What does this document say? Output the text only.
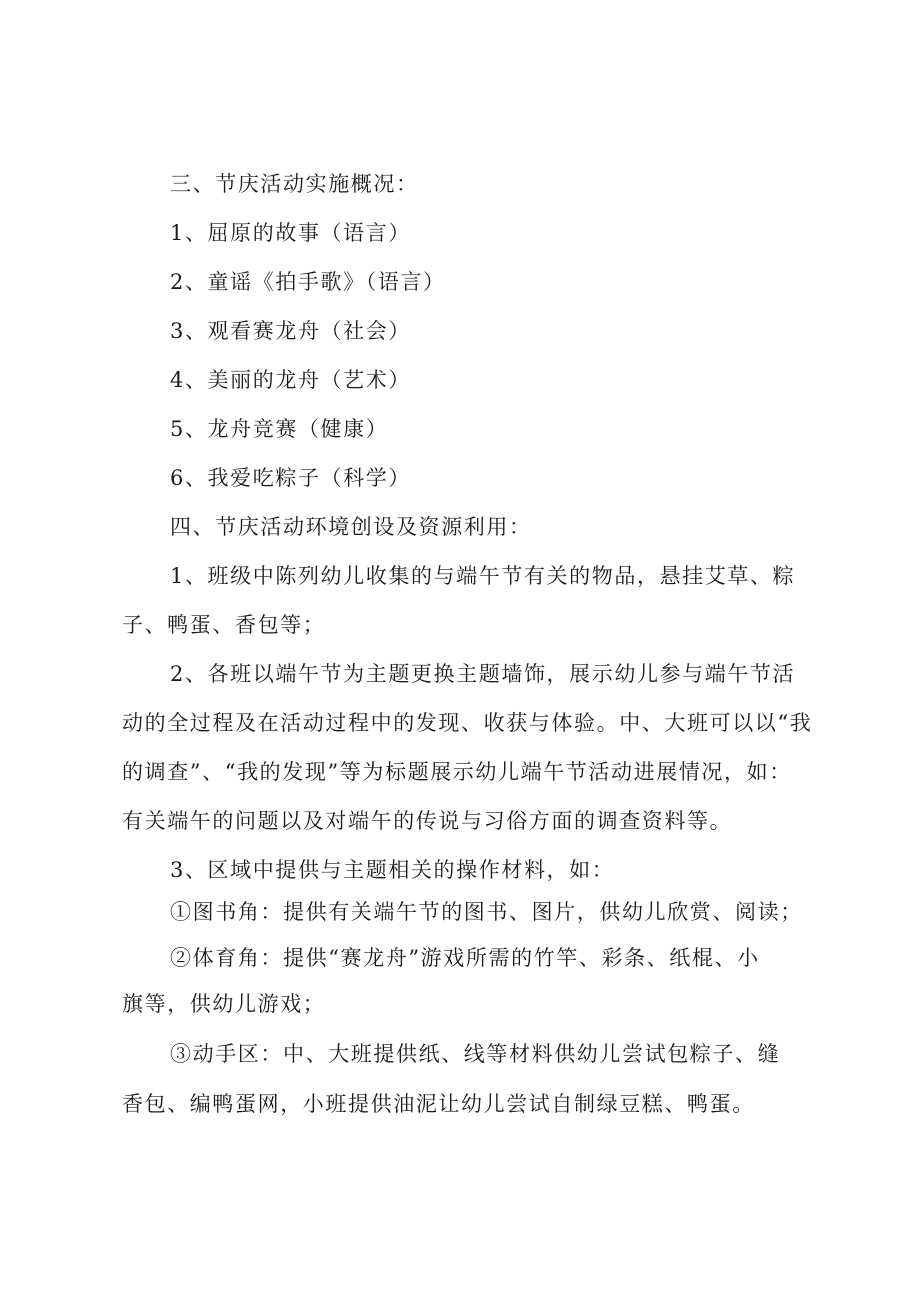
三、节庆活动实施概况：
1、屈原的故事（语言）
2、童谣《拍手歌》（语言）
3、观看赛龙舟（社会）
4、美丽的龙舟（艺术）
5、龙舟竞赛（健康）
6、我爱吃粽子（科学）
四、节庆活动环境创设及资源利用：
1、班级中陈列幼儿收集的与端午节有关的物品，悬挂艾草、粽
子、鸭蛋、香包等；
2、各班以端午节为主题更换主题墙饰，展示幼儿参与端午节活
动的全过程及在活动过程中的发现、收获与体验。中、大班可以以“我
的调查”、“我的发现”等为标题展示幼儿端午节活动进展情况，如：
有关端午的问题以及对端午的传说与习俗方面的调查资料等。
3、区域中提供与主题相关的操作材料，如：
①图书角：提供有关端午节的图书、图片，供幼儿欣赏、阅读；
②体育角：提供“赛龙舟”游戏所需的竹竿、彩条、纸棍、小
旗等，供幼儿游戏；
③动手区：中、大班提供纸、线等材料供幼儿尝试包粽子、缝
香包、编鸭蛋网，小班提供油泥让幼儿尝试自制绿豆糕、鸭蛋。
